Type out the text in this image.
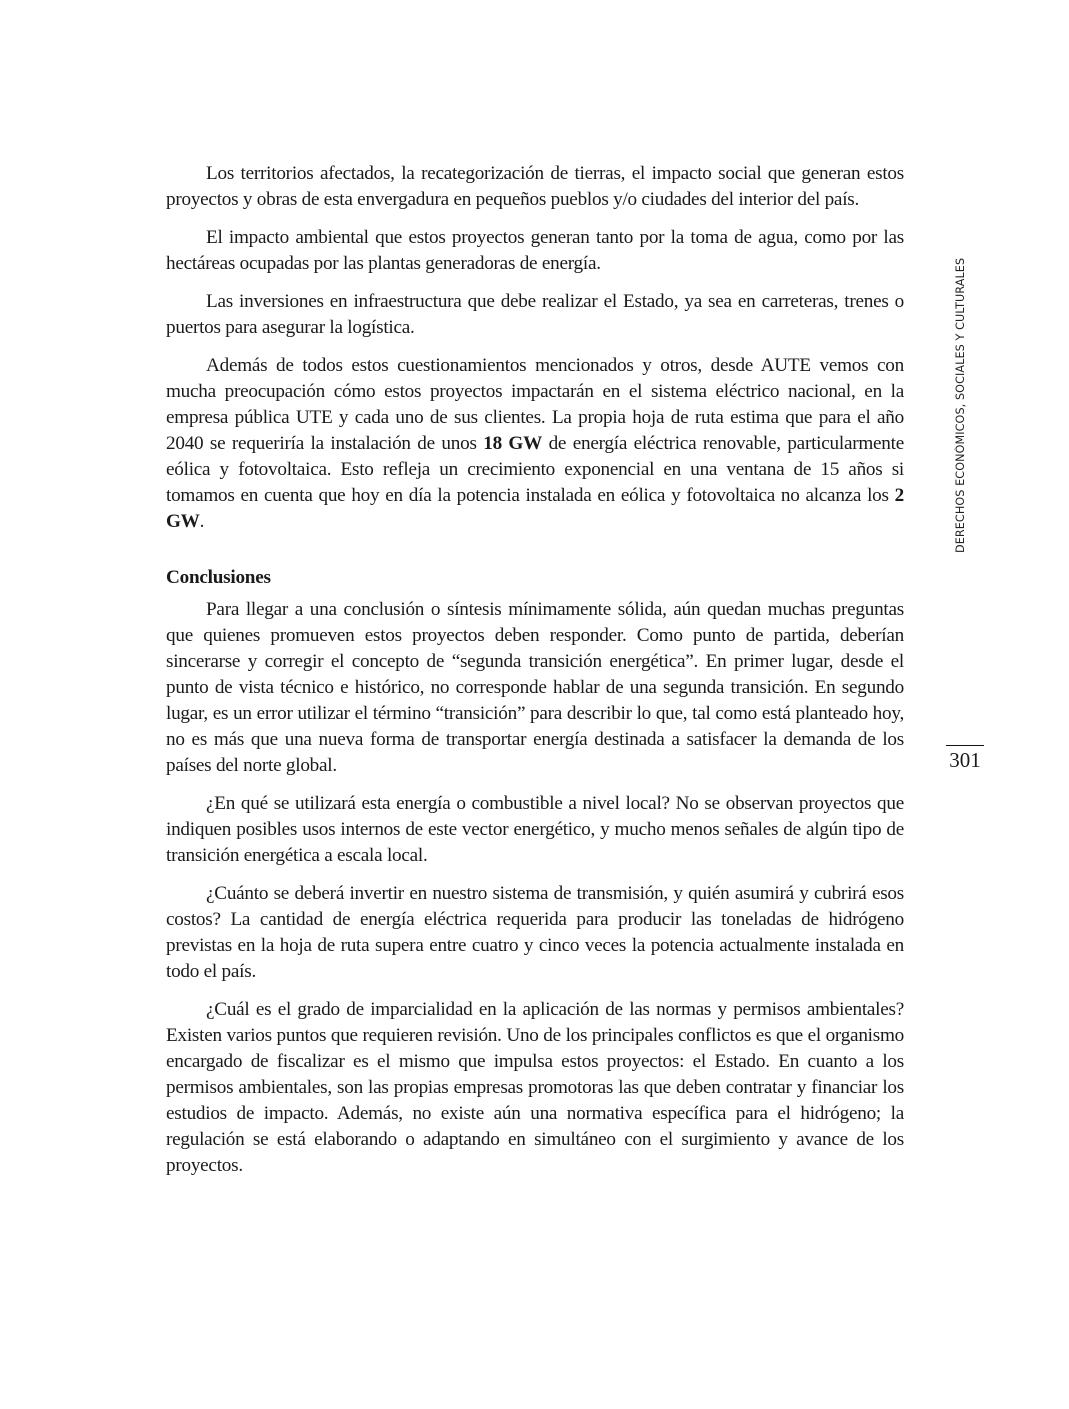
Los territorios afectados, la recategorización de tierras, el impacto social que generan estos proyectos y obras de esta envergadura en pequeños pueblos y/o ciudades del interior del país.

El impacto ambiental que estos proyectos generan tanto por la toma de agua, como por las hectáreas ocupadas por las plantas generadoras de energía.

Las inversiones en infraestructura que debe realizar el Estado, ya sea en carreteras, trenes o puertos para asegurar la logística.

Además de todos estos cuestionamientos mencionados y otros, desde AUTE vemos con mucha preocupación cómo estos proyectos impactarán en el sistema eléctrico nacional, en la empresa pública UTE y cada uno de sus clientes. La propia hoja de ruta estima que para el año 2040 se requeriría la instalación de unos 18 GW de energía eléctrica renovable, particularmente eólica y fotovoltaica. Esto refleja un crecimiento exponencial en una ventana de 15 años si tomamos en cuenta que hoy en día la potencia instalada en eólica y fotovoltaica no alcanza los 2 GW.

Conclusiones

Para llegar a una conclusión o síntesis mínimamente sólida, aún quedan muchas preguntas que quienes promueven estos proyectos deben responder. Como punto de partida, deberían sincerarse y corregir el concepto de “segunda transición energética”. En primer lugar, desde el punto de vista técnico e histórico, no corresponde hablar de una segunda transición. En segundo lugar, es un error utilizar el término “transición” para describir lo que, tal como está planteado hoy, no es más que una nueva forma de transportar energía destinada a satisfacer la demanda de los países del norte global.

¿En qué se utilizará esta energía o combustible a nivel local? No se observan proyectos que indiquen posibles usos internos de este vector energético, y mucho menos señales de algún tipo de transición energética a escala local.

¿Cuánto se deberá invertir en nuestro sistema de transmisión, y quién asumirá y cubrirá esos costos? La cantidad de energía eléctrica requerida para producir las toneladas de hidrógeno previstas en la hoja de ruta supera entre cuatro y cinco veces la potencia actualmente instalada en todo el país.

¿Cuál es el grado de imparcialidad en la aplicación de las normas y permisos ambientales? Existen varios puntos que requieren revisión. Uno de los principales conflictos es que el organismo encargado de fiscalizar es el mismo que impulsa estos proyectos: el Estado. En cuanto a los permisos ambientales, son las propias empresas promotoras las que deben contratar y financiar los estudios de impacto. Además, no existe aún una normativa específica para el hidrógeno; la regulación se está elaborando o adaptando en simultáneo con el surgimiento y avance de los proyectos.

DERECHOS ECONÓMICOS, SOCIALES Y CULTURALES
301
